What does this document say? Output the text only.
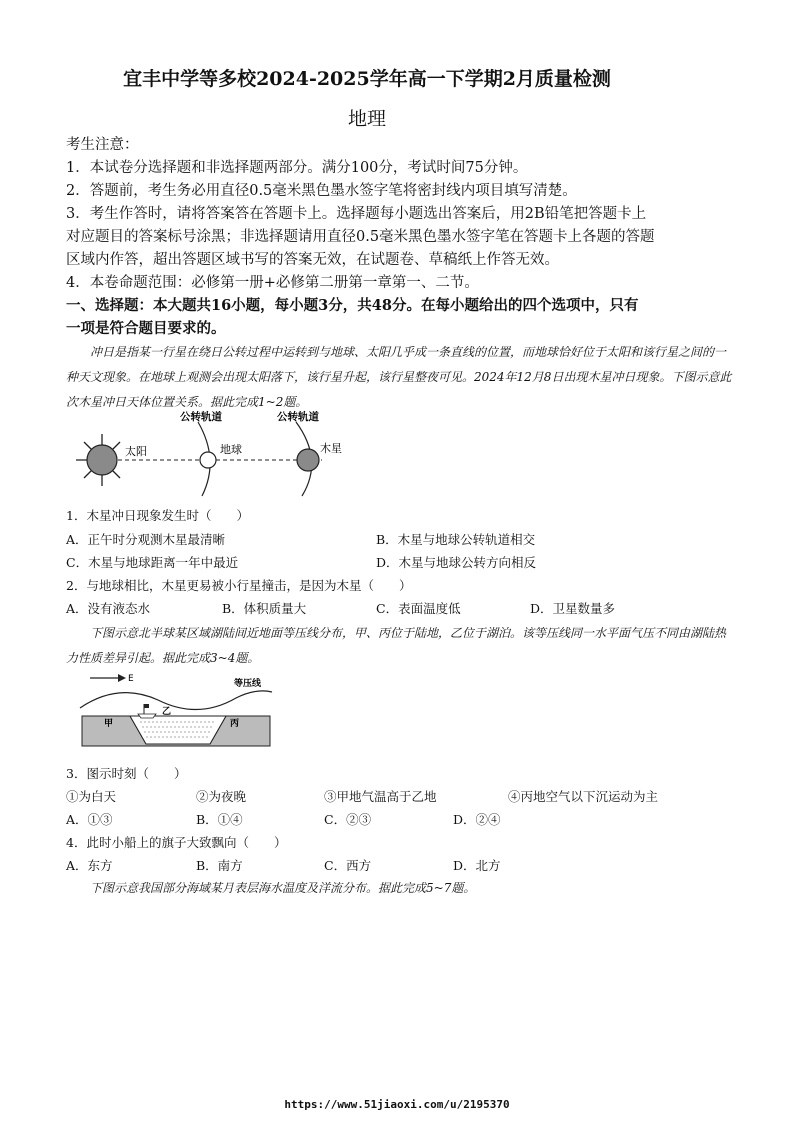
宜丰中学等多校2024-2025学年高一下学期2月质量检测
地理
考生注意：
1．本试卷分选择题和非选择题两部分。满分100分，考试时间75分钟。
2．答题前，考生务必用直径0.5毫米黑色墨水签字笔将密封线内项目填写清楚。
3．考生作答时，请将答案答在答题卡上。选择题每小题选出答案后，用2B铅笔把答题卡上
对应题目的答案标号涂黑；非选择题请用直径0.5毫米黑色墨水签字笔在答题卡上各题的答题
区域内作答，超出答题区域书写的答案无效，在试题卷、草稿纸上作答无效。
4．本卷命题范围：必修第一册+必修第二册第一章第一、二节。
一、选择题：本大题共16小题，每小题3分，共48分。在每小题给出的四个选项中，只有
一项是符合题目要求的。
冲日是指某一行星在绕日公转过程中运转到与地球、太阳几乎成一条直线的位置，而地球恰好位于太阳和该行星之间的一种天文现象。在地球上观测会出现太阳落下，该行星升起，该行星整夜可见。2024年12月8日出现木星冲日现象。下图示意此次木星冲日天体位置关系。据此完成1~2题。
太阳
公转轨道
地球
公转轨道
木星
1．木星冲日现象发生时（　　）
A．正午时分观测木星最清晰	B．木星与地球公转轨道相交
C．木星与地球距离一年中最近	D．木星与地球公转方向相反
2．与地球相比，木星更易被小行星撞击，是因为木星（　　）
A．没有液态水	B．体积质量大	C．表面温度低	D．卫星数量多
下图示意北半球某区域湖陆间近地面等压线分布，甲、丙位于陆地，乙位于湖泊。该等压线同一水平面气压不同由湖陆热力性质差异引起。据此完成3~4题。
E	等压线
乙
甲	丙
3．图示时刻（　　）
①为白天	②为夜晚	③甲地气温高于乙地	④丙地空气以下沉运动为主
A．①③	B．①④	C．②③	D．②④
4．此时小船上的旗子大致飘向（　　）
A．东方	B．南方	C．西方	D．北方
下图示意我国部分海域某月表层海水温度及洋流分布。据此完成5~7题。
https://www.51jiaoxi.com/u/2195370
